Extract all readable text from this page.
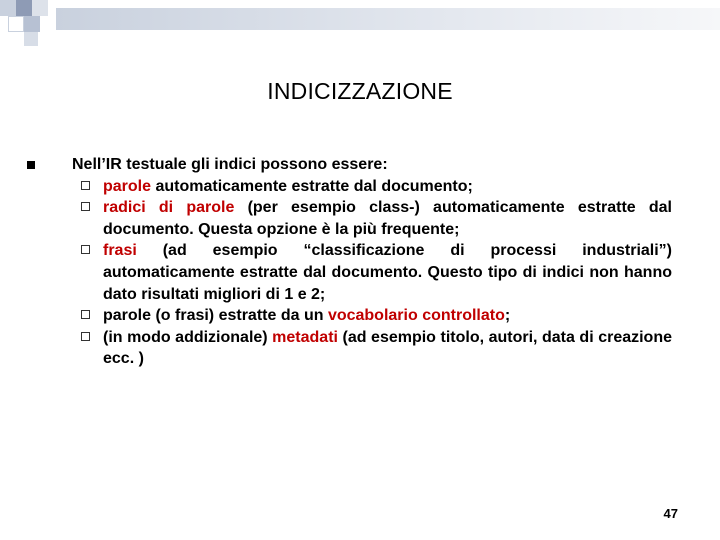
INDICIZZAZIONE
Nell’IR testuale gli indici possono essere:
parole automaticamente estratte dal documento;
radici di parole (per esempio class-) automaticamente estratte dal documento. Questa opzione è la più frequente;
frasi (ad esempio “classificazione di processi industriali”) automaticamente estratte dal documento. Questo tipo di indici non hanno dato risultati migliori di 1 e 2;
parole (o frasi) estratte da un vocabolario controllato;
(in modo addizionale) metadati (ad esempio titolo, autori, data di creazione ecc. )
47
